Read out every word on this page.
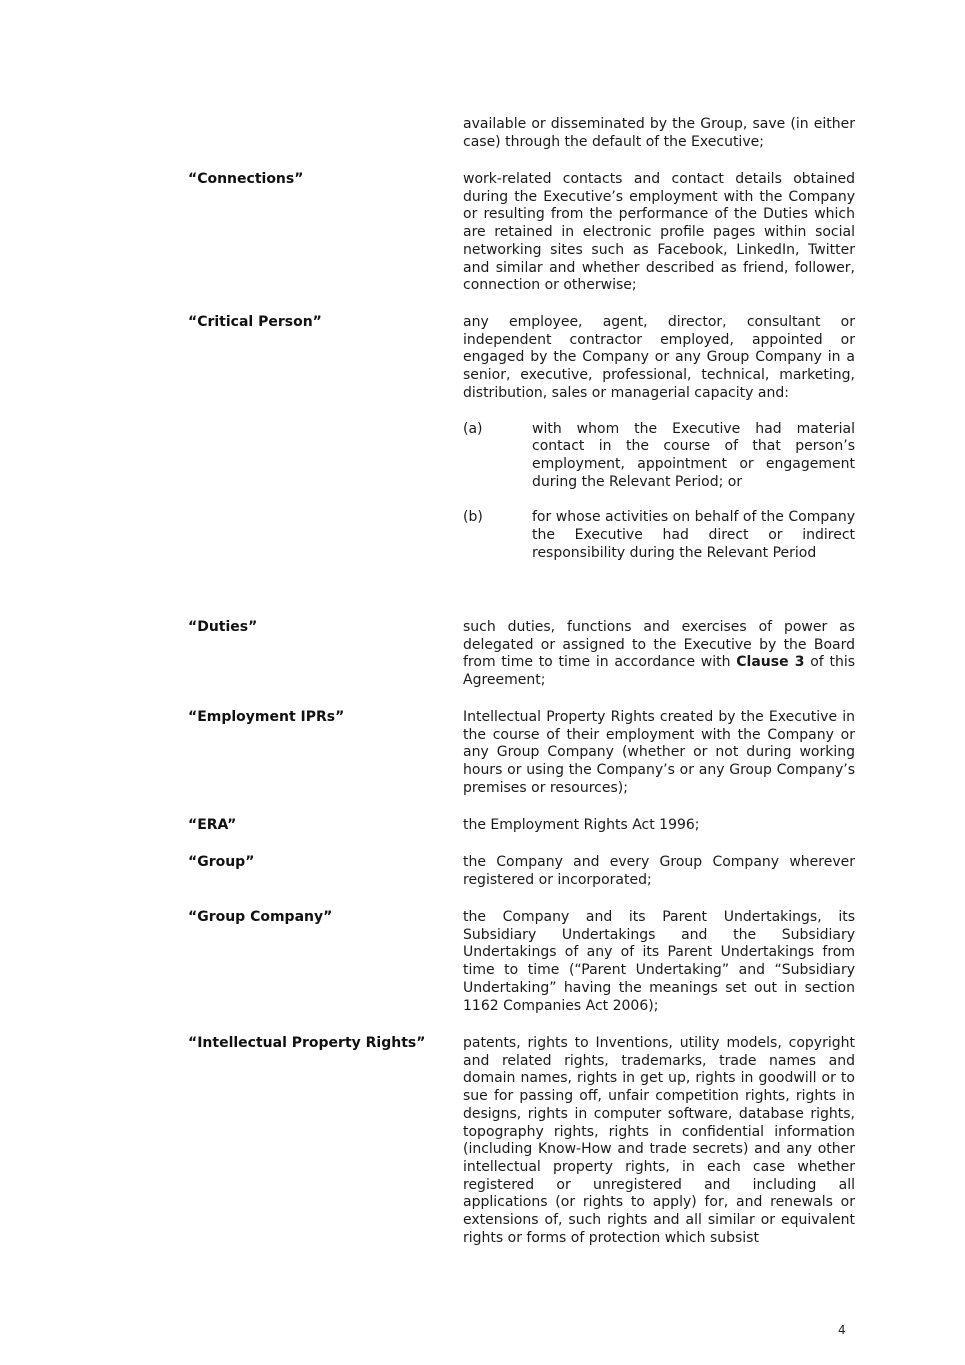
available or disseminated by the Group, save (in either case) through the default of the Executive;
“Connections”	work-related contacts and contact details obtained during the Executive’s employment with the Company or resulting from the performance of the Duties which are retained in electronic profile pages within social networking sites such as Facebook, LinkedIn, Twitter and similar and whether described as friend, follower, connection or otherwise;
“Critical Person”	any employee, agent, director, consultant or independent contractor employed, appointed or engaged by the Company or any Group Company in a senior, executive, professional, technical, marketing, distribution, sales or managerial capacity and:

(a)	with whom the Executive had material contact in the course of that person’s employment, appointment or engagement during the Relevant Period; or
(b)	for whose activities on behalf of the Company the Executive had direct or indirect responsibility during the Relevant Period
“Duties”	such duties, functions and exercises of power as delegated or assigned to the Executive by the Board from time to time in accordance with Clause 3 of this Agreement;
“Employment IPRs”	Intellectual Property Rights created by the Executive in the course of their employment with the Company or any Group Company (whether or not during working hours or using the Company’s or any Group Company’s premises or resources);
“ERA”	the Employment Rights Act 1996;
“Group”	the Company and every Group Company wherever registered or incorporated;
“Group Company”	the Company and its Parent Undertakings, its Subsidiary Undertakings and the Subsidiary Undertakings of any of its Parent Undertakings from time to time (“Parent Undertaking” and “Subsidiary Undertaking” having the meanings set out in section 1162 Companies Act 2006);
“Intellectual Property Rights”	patents, rights to Inventions, utility models, copyright and related rights, trademarks, trade names and domain names, rights in get up, rights in goodwill or to sue for passing off, unfair competition rights, rights in designs, rights in computer software, database rights, topography rights, rights in confidential information (including Know-How and trade secrets) and any other intellectual property rights, in each case whether registered or unregistered and including all applications (or rights to apply) for, and renewals or extensions of, such rights and all similar or equivalent rights or forms of protection which subsist
4
